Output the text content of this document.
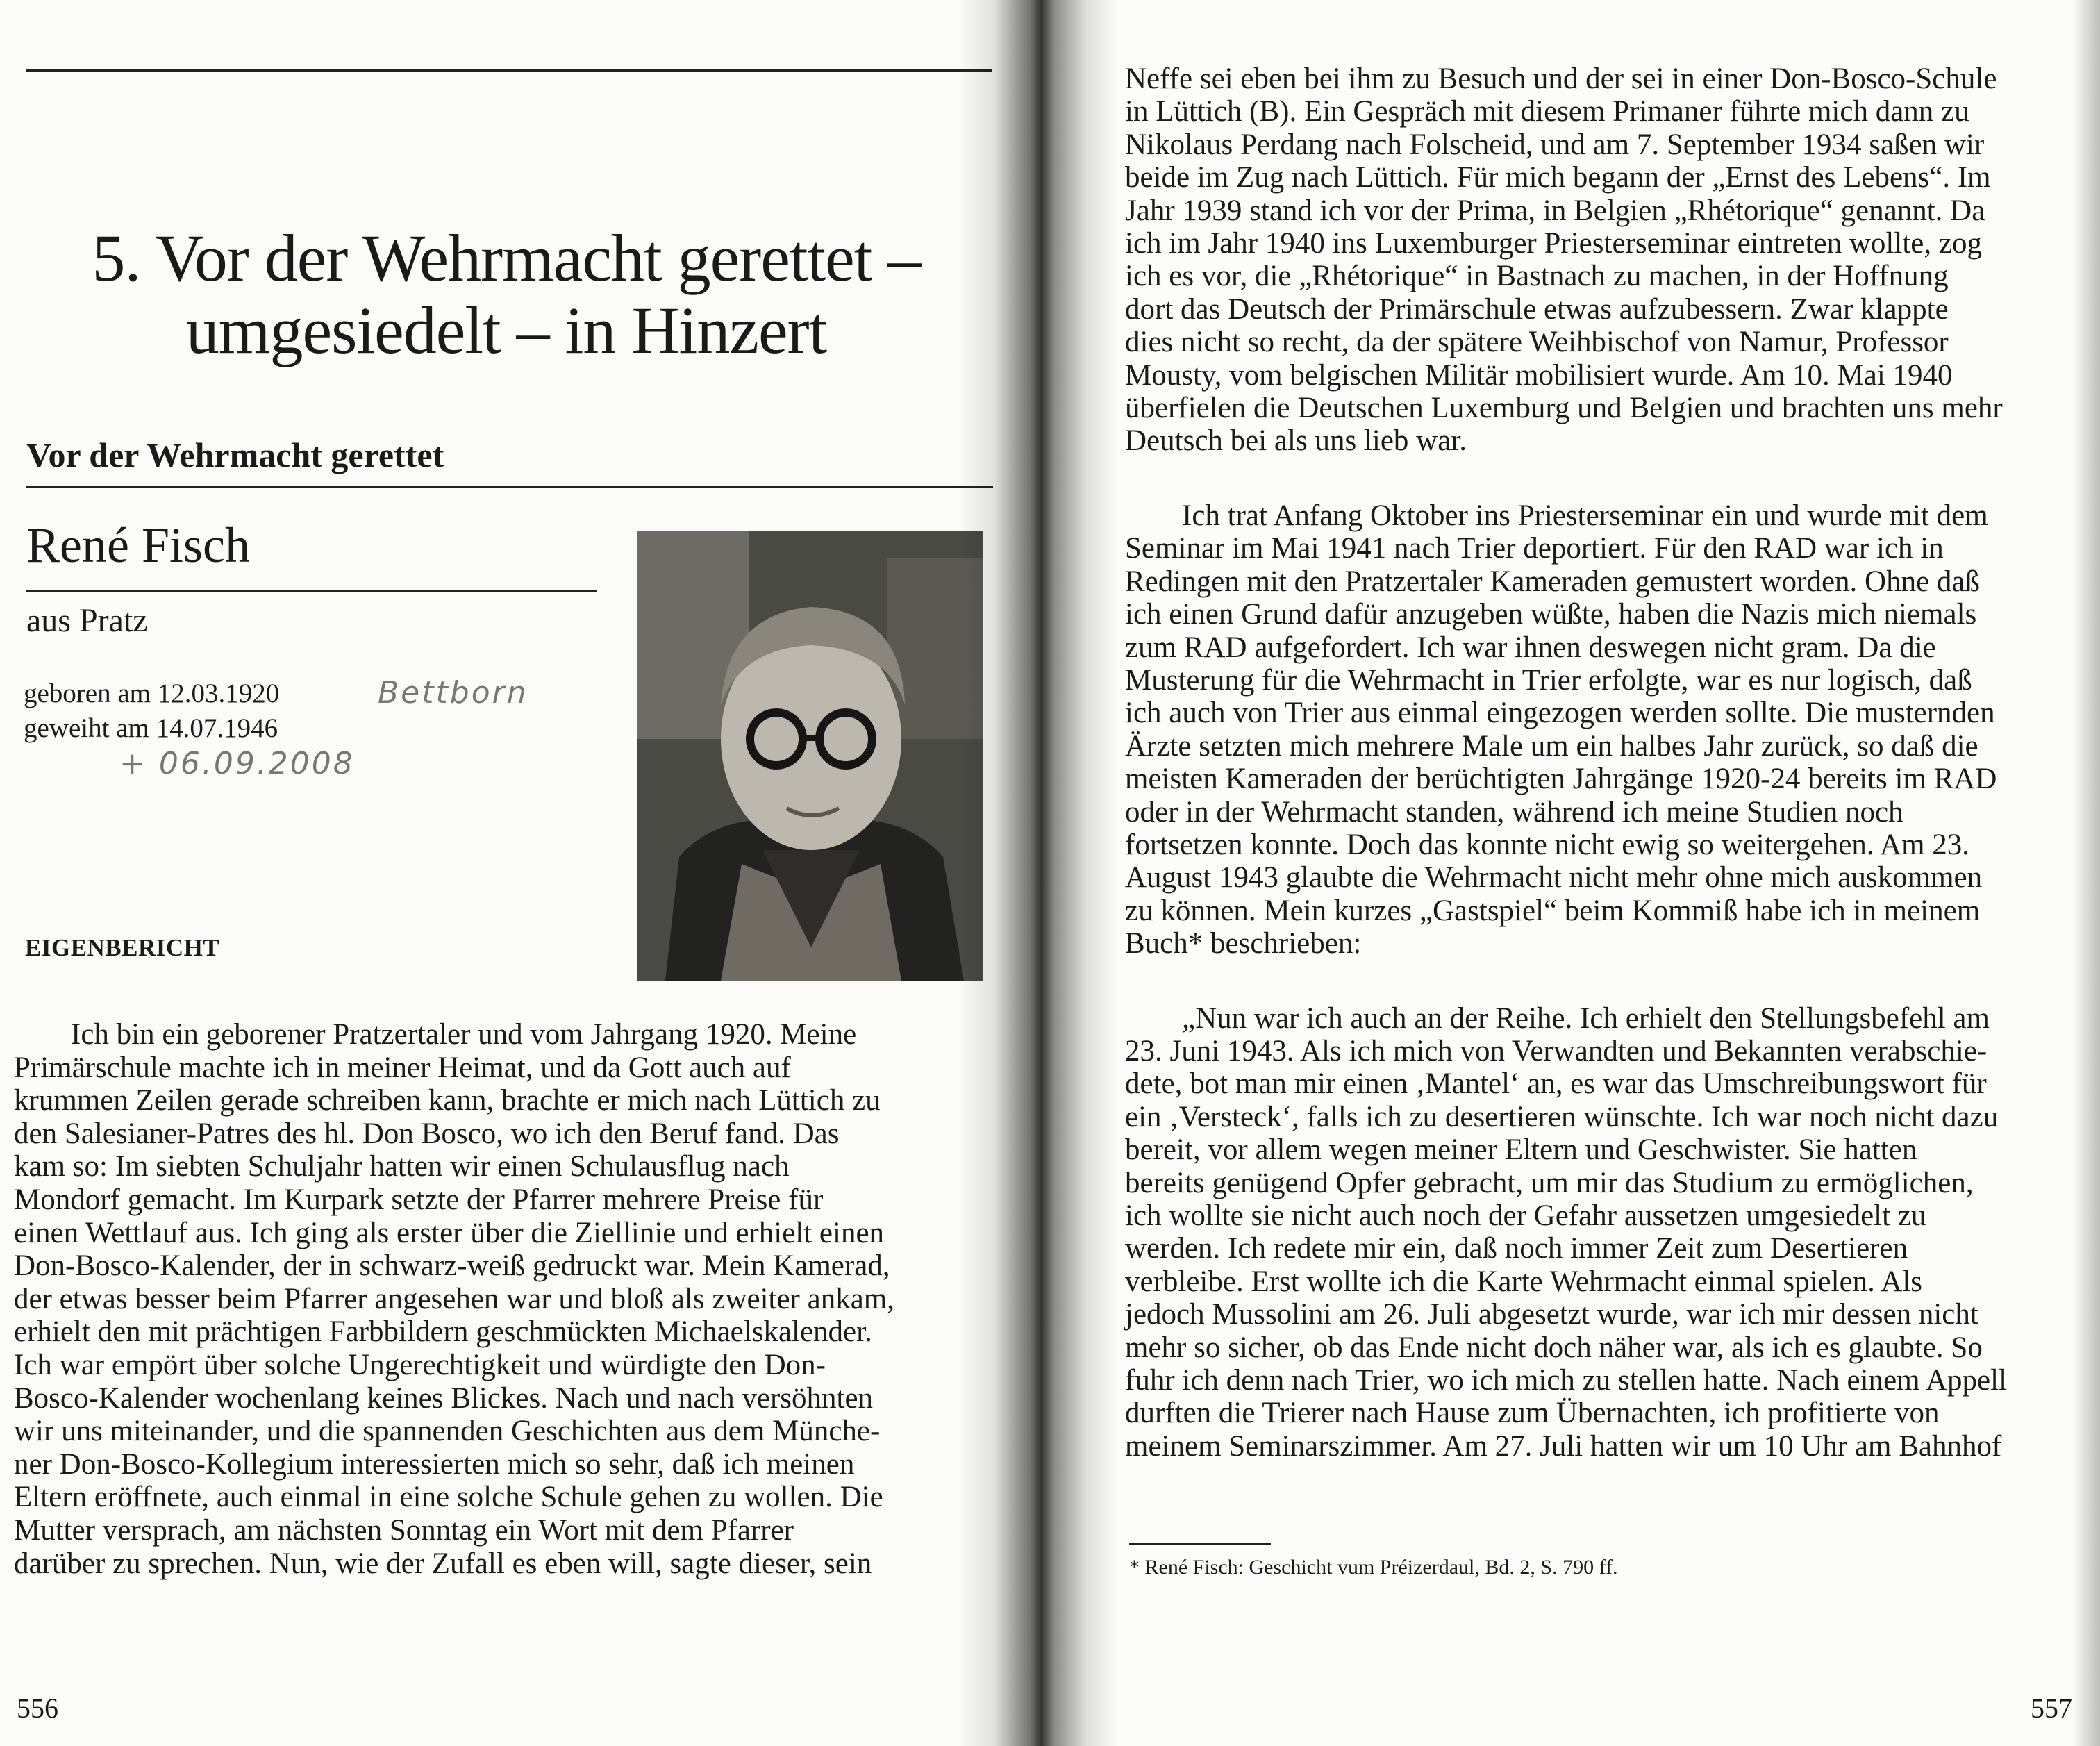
5. Vor der Wehrmacht gerettet –
umgesiedelt – in Hinzert
Vor der Wehrmacht gerettet
René Fisch
aus Pratz
geboren am 12.03.1920
geweiht am 14.07.1946
Bettborn
+ 06.09.2008
EIGENBERICHT
Ich bin ein geborener Pratzertaler und vom Jahrgang 1920. Meine
Primärschule machte ich in meiner Heimat, und da Gott auch auf
krummen Zeilen gerade schreiben kann, brachte er mich nach Lüttich zu
den Salesianer-Patres des hl. Don Bosco, wo ich den Beruf fand. Das
kam so: Im siebten Schuljahr hatten wir einen Schulausflug nach
Mondorf gemacht. Im Kurpark setzte der Pfarrer mehrere Preise für
einen Wettlauf aus. Ich ging als erster über die Ziellinie und erhielt einen
Don-Bosco-Kalender, der in schwarz-weiß gedruckt war. Mein Kamerad,
der etwas besser beim Pfarrer angesehen war und bloß als zweiter ankam,
erhielt den mit prächtigen Farbbildern geschmückten Michaelskalender.
Ich war empört über solche Ungerechtigkeit und würdigte den Don-
Bosco-Kalender wochenlang keines Blickes. Nach und nach versöhnten
wir uns miteinander, und die spannenden Geschichten aus dem Münche-
ner Don-Bosco-Kollegium interessierten mich so sehr, daß ich meinen
Eltern eröffnete, auch einmal in eine solche Schule gehen zu wollen. Die
Mutter versprach, am nächsten Sonntag ein Wort mit dem Pfarrer
darüber zu sprechen. Nun, wie der Zufall es eben will, sagte dieser, sein
556
Neffe sei eben bei ihm zu Besuch und der sei in einer Don-Bosco-Schule
in Lüttich (B). Ein Gespräch mit diesem Primaner führte mich dann zu
Nikolaus Perdang nach Folscheid, und am 7. September 1934 saßen wir
beide im Zug nach Lüttich. Für mich begann der „Ernst des Lebens“. Im
Jahr 1939 stand ich vor der Prima, in Belgien „Rhétorique“ genannt. Da
ich im Jahr 1940 ins Luxemburger Priesterseminar eintreten wollte, zog
ich es vor, die „Rhétorique“ in Bastnach zu machen, in der Hoffnung
dort das Deutsch der Primärschule etwas aufzubessern. Zwar klappte
dies nicht so recht, da der spätere Weihbischof von Namur, Professor
Mousty, vom belgischen Militär mobilisiert wurde. Am 10. Mai 1940
überfielen die Deutschen Luxemburg und Belgien und brachten uns mehr
Deutsch bei als uns lieb war.
Ich trat Anfang Oktober ins Priesterseminar ein und wurde mit dem
Seminar im Mai 1941 nach Trier deportiert. Für den RAD war ich in
Redingen mit den Pratzertaler Kameraden gemustert worden. Ohne daß
ich einen Grund dafür anzugeben wüßte, haben die Nazis mich niemals
zum RAD aufgefordert. Ich war ihnen deswegen nicht gram. Da die
Musterung für die Wehrmacht in Trier erfolgte, war es nur logisch, daß
ich auch von Trier aus einmal eingezogen werden sollte. Die musternden
Ärzte setzten mich mehrere Male um ein halbes Jahr zurück, so daß die
meisten Kameraden der berüchtigten Jahrgänge 1920-24 bereits im RAD
oder in der Wehrmacht standen, während ich meine Studien noch
fortsetzen konnte. Doch das konnte nicht ewig so weitergehen. Am 23.
August 1943 glaubte die Wehrmacht nicht mehr ohne mich auskommen
zu können. Mein kurzes „Gastspiel“ beim Kommiß habe ich in meinem
Buch* beschrieben:
„Nun war ich auch an der Reihe. Ich erhielt den Stellungsbefehl am
23. Juni 1943. Als ich mich von Verwandten und Bekannten verabschie-
dete, bot man mir einen ‚Mantel‘ an, es war das Umschreibungswort für
ein ‚Versteck‘, falls ich zu desertieren wünschte. Ich war noch nicht dazu
bereit, vor allem wegen meiner Eltern und Geschwister. Sie hatten
bereits genügend Opfer gebracht, um mir das Studium zu ermöglichen,
ich wollte sie nicht auch noch der Gefahr aussetzen umgesiedelt zu
werden. Ich redete mir ein, daß noch immer Zeit zum Desertieren
verbleibe. Erst wollte ich die Karte Wehrmacht einmal spielen. Als
jedoch Mussolini am 26. Juli abgesetzt wurde, war ich mir dessen nicht
mehr so sicher, ob das Ende nicht doch näher war, als ich es glaubte. So
fuhr ich denn nach Trier, wo ich mich zu stellen hatte. Nach einem Appell
durften die Trierer nach Hause zum Übernachten, ich profitierte von
meinem Seminarszimmer. Am 27. Juli hatten wir um 10 Uhr am Bahnhof
* René Fisch: Geschicht vum Préizerdaul, Bd. 2, S. 790 ff.
557
